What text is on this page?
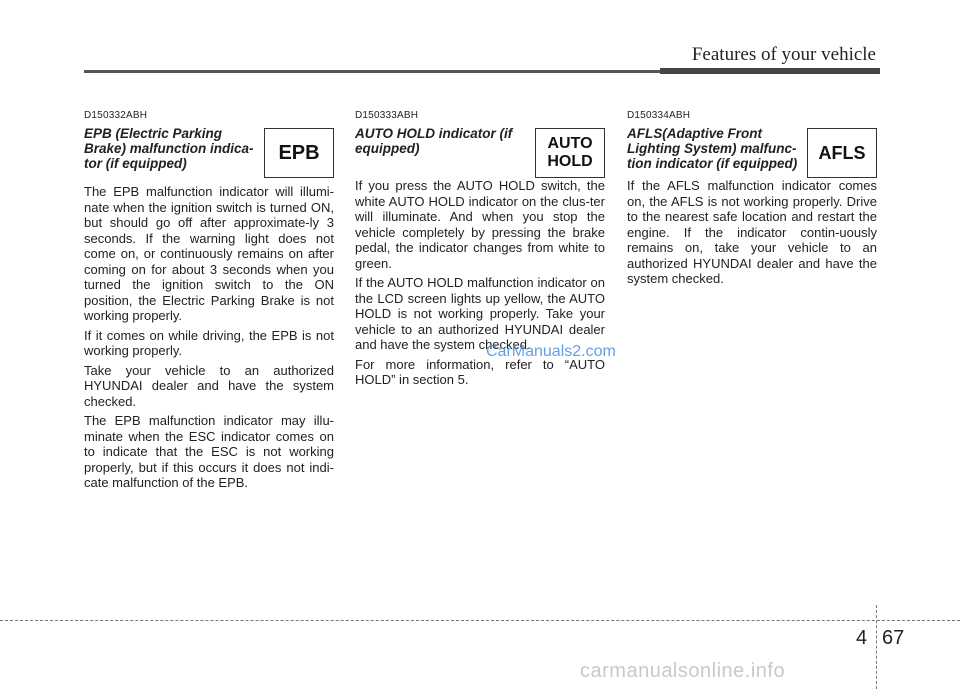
Features of your vehicle
D150332ABH
EPB (Electric Parking Brake) malfunction indica-tor (if equipped)	EPB

The EPB malfunction indicator will illumi-nate when the ignition switch is turned ON, but should go off after approximate-ly 3 seconds. If the warning light does not come on, or continuously remains on after coming on for about 3 seconds when you turned the ignition switch to the ON position, the Electric Parking Brake is not working properly.

If it comes on while driving, the EPB is not working properly.

Take your vehicle to an authorized HYUNDAI dealer and have the system checked.

The EPB malfunction indicator may illu-minate when the ESC indicator comes on to indicate that the ESC is not working properly, but if this occurs it does not indi-cate malfunction of the EPB.

D150333ABH
AUTO HOLD indicator (if equipped)	AUTO
HOLD

If you press the AUTO HOLD switch, the white AUTO HOLD indicator on the clus-ter will illuminate. And when you stop the vehicle completely by pressing the brake pedal, the indicator changes from white to green.

If the AUTO HOLD malfunction indicator on the LCD screen lights up yellow, the AUTO HOLD is not working properly. Take your vehicle to an authorized HYUNDAI dealer and have the system checked.

For more information, refer to “AUTO HOLD” in section 5.

D150334ABH
AFLS(Adaptive Front Lighting System) malfunc-tion indicator (if equipped)
AFLS

If the AFLS malfunction indicator comes on, the AFLS is not working properly. Drive to the nearest safe location and restart the engine. If the indicator contin-uously remains on, take your vehicle to an authorized HYUNDAI dealer and have the system checked.

CarManuals2.com
4 67
carmanualsonline.info
